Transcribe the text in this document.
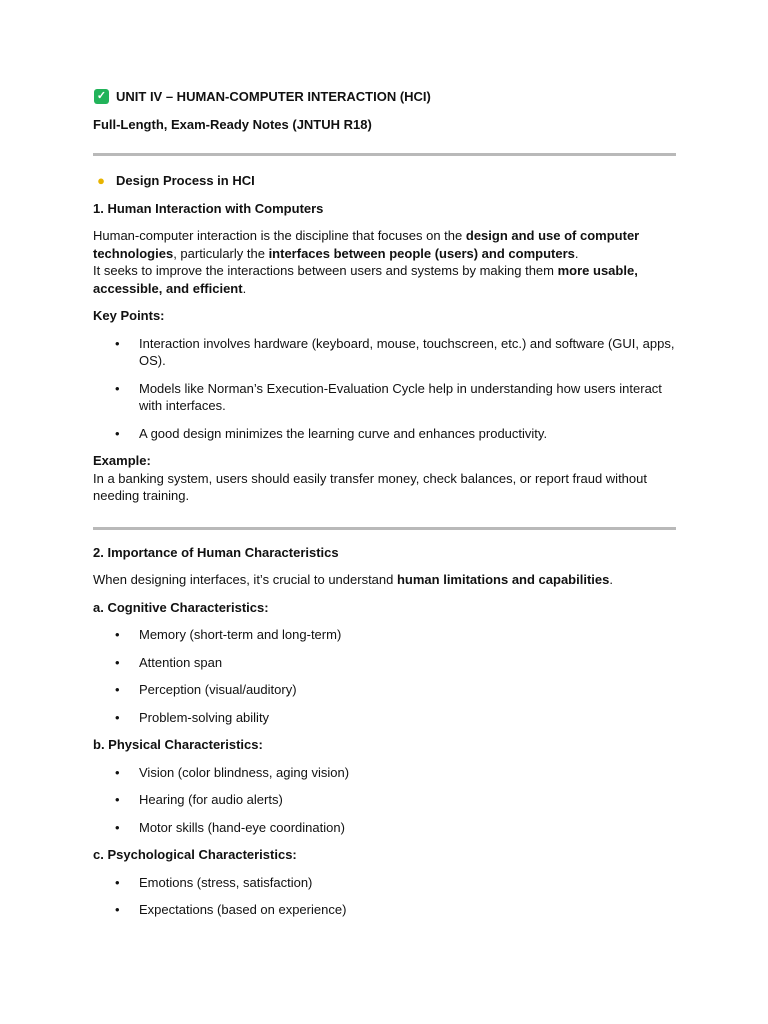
✓ UNIT IV – HUMAN-COMPUTER INTERACTION (HCI)

Full-Length, Exam-Ready Notes (JNTUH R18)

● Design Process in HCI

1. Human Interaction with Computers

Human-computer interaction is the discipline that focuses on the design and use of computer technologies, particularly the interfaces between people (users) and computers.
It seeks to improve the interactions between users and systems by making them more usable, accessible, and efficient.

Key Points:

• Interaction involves hardware (keyboard, mouse, touchscreen, etc.) and software (GUI, apps, OS).
• Models like Norman’s Execution-Evaluation Cycle help in understanding how users interact with interfaces.
• A good design minimizes the learning curve and enhances productivity.

Example:
In a banking system, users should easily transfer money, check balances, or report fraud without needing training.

2. Importance of Human Characteristics

When designing interfaces, it’s crucial to understand human limitations and capabilities.

a. Cognitive Characteristics:

• Memory (short-term and long-term)
• Attention span
• Perception (visual/auditory)
• Problem-solving ability

b. Physical Characteristics:

• Vision (color blindness, aging vision)
• Hearing (for audio alerts)
• Motor skills (hand-eye coordination)

c. Psychological Characteristics:

• Emotions (stress, satisfaction)
• Expectations (based on experience)
